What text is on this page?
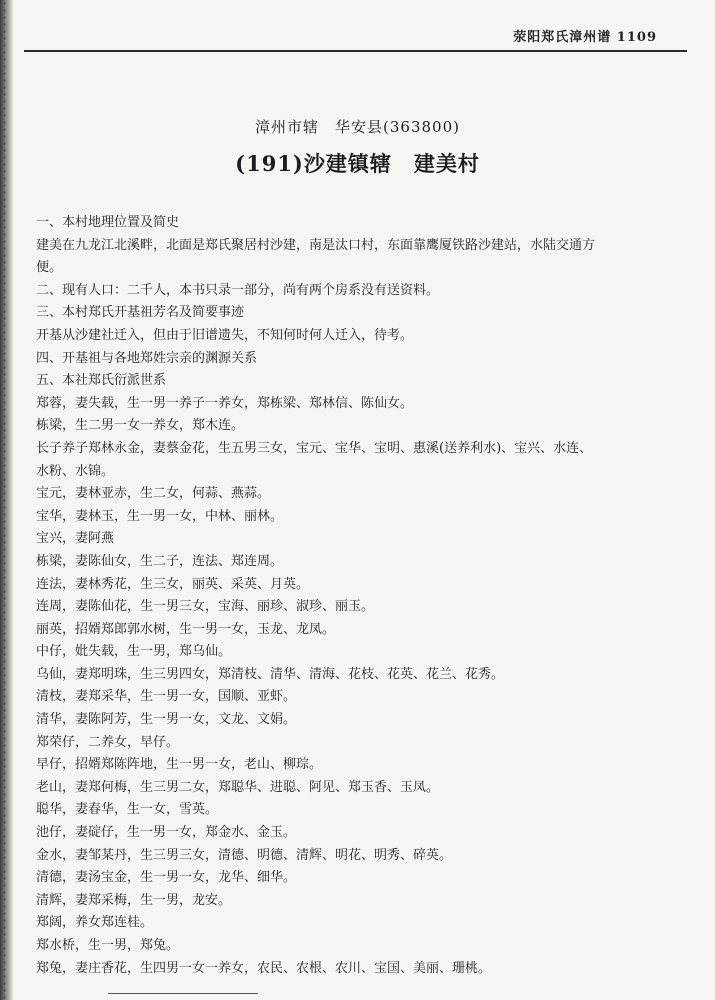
荥阳郑氏漳州谱 1109
漳州市辖　华安县(363800)
(191)沙建镇辖　建美村

一、本村地理位置及简史

建美在九龙江北溪畔，北面是郑氏聚居村沙建，南是汰口村，东面靠鹰厦铁路沙建站，水陆交通方

便。

二、现有人口：二千人，本书只录一部分，尚有两个房系没有送资料。

三、本村郑氏开基祖芳名及简要事迹

开基从沙建社迁入，但由于旧谱遗失，不知何时何人迁入，待考。

四、开基祖与各地郑姓宗亲的渊源关系

五、本社郑氏衍派世系

郑蓉，妻失载，生一男一养子一养女，郑栋梁、郑林信、陈仙女。

栋梁，生二男一女一养女，郑木连。

长子养子郑林永金，妻蔡金花，生五男三女，宝元、宝华、宝明、惠溪(送养利水)、宝兴、水连、

水粉、水锦。

宝元，妻林亚赤，生二女，何蒜、燕蒜。

宝华，妻林玉，生一男一女，中林、丽林。

宝兴，妻阿燕

栋梁，妻陈仙女，生二子，连法、郑连周。

连法，妻林秀花，生三女，丽英、采英、月英。

连周，妻陈仙花，生一男三女，宝海、丽珍、淑珍、丽玉。

丽英，招婿郑郎郭水树，生一男一女，玉龙、龙凤。

中仔，妣失载，生一男，郑乌仙。

乌仙，妻郑明珠，生三男四女，郑清枝、清华、清海、花枝、花英、花兰、花秀。

清枝，妻郑采华，生一男一女，国顺、亚虾。

清华，妻陈阿芳，生一男一女，文龙、文娟。

郑荣仔，二养女，早仔。

早仔，招婿郑陈阵地，生一男一女，老山、柳琮。

老山，妻郑何梅，生三男二女，郑聪华、进聪、阿见、郑玉香、玉凤。

聪华，妻春华，生一女，雪英。

池仔，妻碇仔，生一男一女，郑金水、金玉。

金水，妻邹某丹，生三男三女，清德、明德、清辉、明花、明秀、碎英。

清德，妻汤宝金，生一男一女，龙华、细华。

清辉，妻郑采梅，生一男，龙安。

郑阔，养女郑连桂。

郑水桥，生一男，郑兔。

郑兔，妻庄香花，生四男一女一养女，农民、农根、农川、宝国、美丽、珊桃。
